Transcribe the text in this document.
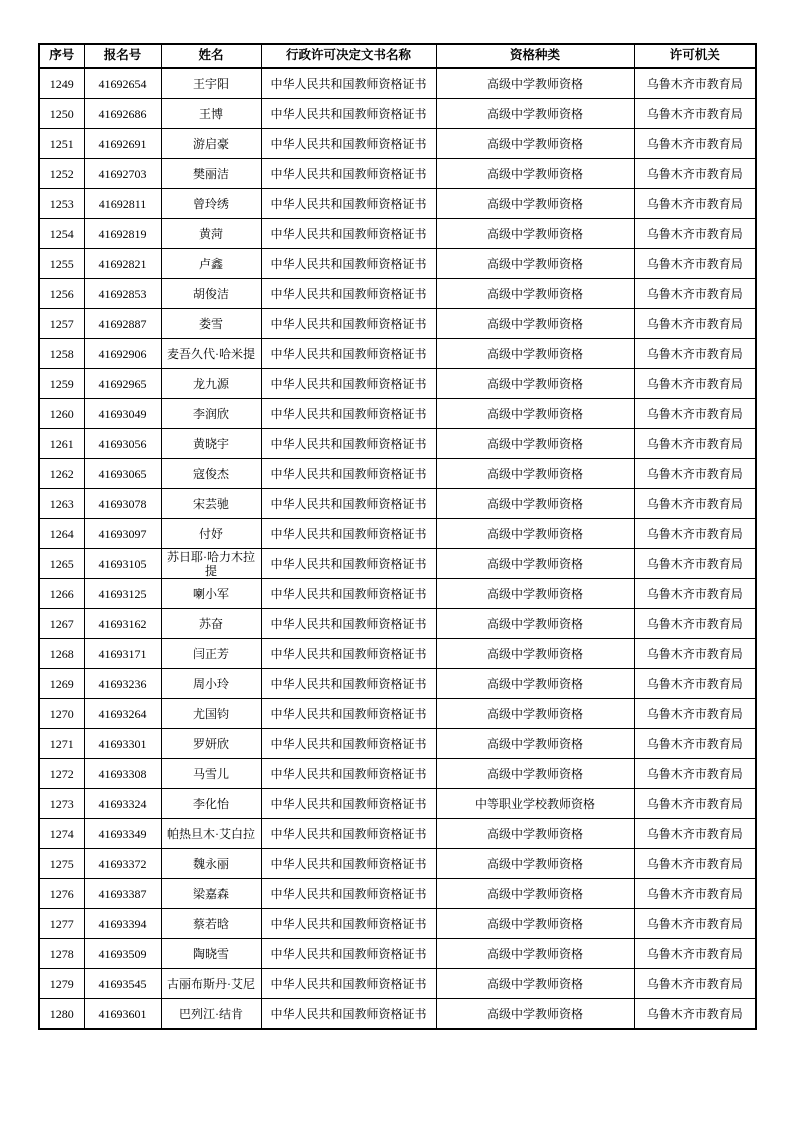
序号	报名号	姓名	行政许可决定文书名称	资格种类	许可机关
1249	41692654	王宇阳	中华人民共和国教师资格证书	高级中学教师资格	乌鲁木齐市教育局
1250	41692686	王博	中华人民共和国教师资格证书	高级中学教师资格	乌鲁木齐市教育局
1251	41692691	游启豪	中华人民共和国教师资格证书	高级中学教师资格	乌鲁木齐市教育局
1252	41692703	樊丽洁	中华人民共和国教师资格证书	高级中学教师资格	乌鲁木齐市教育局
1253	41692811	曾玲绣	中华人民共和国教师资格证书	高级中学教师资格	乌鲁木齐市教育局
1254	41692819	黄菏	中华人民共和国教师资格证书	高级中学教师资格	乌鲁木齐市教育局
1255	41692821	卢鑫	中华人民共和国教师资格证书	高级中学教师资格	乌鲁木齐市教育局
1256	41692853	胡俊洁	中华人民共和国教师资格证书	高级中学教师资格	乌鲁木齐市教育局
1257	41692887	娄雪	中华人民共和国教师资格证书	高级中学教师资格	乌鲁木齐市教育局
1258	41692906	麦吾久代·哈米提	中华人民共和国教师资格证书	高级中学教师资格	乌鲁木齐市教育局
1259	41692965	龙九源	中华人民共和国教师资格证书	高级中学教师资格	乌鲁木齐市教育局
1260	41693049	李润欣	中华人民共和国教师资格证书	高级中学教师资格	乌鲁木齐市教育局
1261	41693056	黄晓宇	中华人民共和国教师资格证书	高级中学教师资格	乌鲁木齐市教育局
1262	41693065	寇俊杰	中华人民共和国教师资格证书	高级中学教师资格	乌鲁木齐市教育局
1263	41693078	宋芸驰	中华人民共和国教师资格证书	高级中学教师资格	乌鲁木齐市教育局
1264	41693097	付妤	中华人民共和国教师资格证书	高级中学教师资格	乌鲁木齐市教育局
1265	41693105	苏日耶·哈力木拉提	中华人民共和国教师资格证书	高级中学教师资格	乌鲁木齐市教育局
1266	41693125	喇小军	中华人民共和国教师资格证书	高级中学教师资格	乌鲁木齐市教育局
1267	41693162	苏奋	中华人民共和国教师资格证书	高级中学教师资格	乌鲁木齐市教育局
1268	41693171	闫正芳	中华人民共和国教师资格证书	高级中学教师资格	乌鲁木齐市教育局
1269	41693236	周小玲	中华人民共和国教师资格证书	高级中学教师资格	乌鲁木齐市教育局
1270	41693264	尤国钧	中华人民共和国教师资格证书	高级中学教师资格	乌鲁木齐市教育局
1271	41693301	罗妍欣	中华人民共和国教师资格证书	高级中学教师资格	乌鲁木齐市教育局
1272	41693308	马雪儿	中华人民共和国教师资格证书	高级中学教师资格	乌鲁木齐市教育局
1273	41693324	李化怡	中华人民共和国教师资格证书	中等职业学校教师资格	乌鲁木齐市教育局
1274	41693349	帕热旦木·艾白拉	中华人民共和国教师资格证书	高级中学教师资格	乌鲁木齐市教育局
1275	41693372	魏永丽	中华人民共和国教师资格证书	高级中学教师资格	乌鲁木齐市教育局
1276	41693387	梁嘉森	中华人民共和国教师资格证书	高级中学教师资格	乌鲁木齐市教育局
1277	41693394	蔡若晗	中华人民共和国教师资格证书	高级中学教师资格	乌鲁木齐市教育局
1278	41693509	陶晓雪	中华人民共和国教师资格证书	高级中学教师资格	乌鲁木齐市教育局
1279	41693545	古丽布斯丹·艾尼	中华人民共和国教师资格证书	高级中学教师资格	乌鲁木齐市教育局
1280	41693601	巴列江·结肯	中华人民共和国教师资格证书	高级中学教师资格	乌鲁木齐市教育局
